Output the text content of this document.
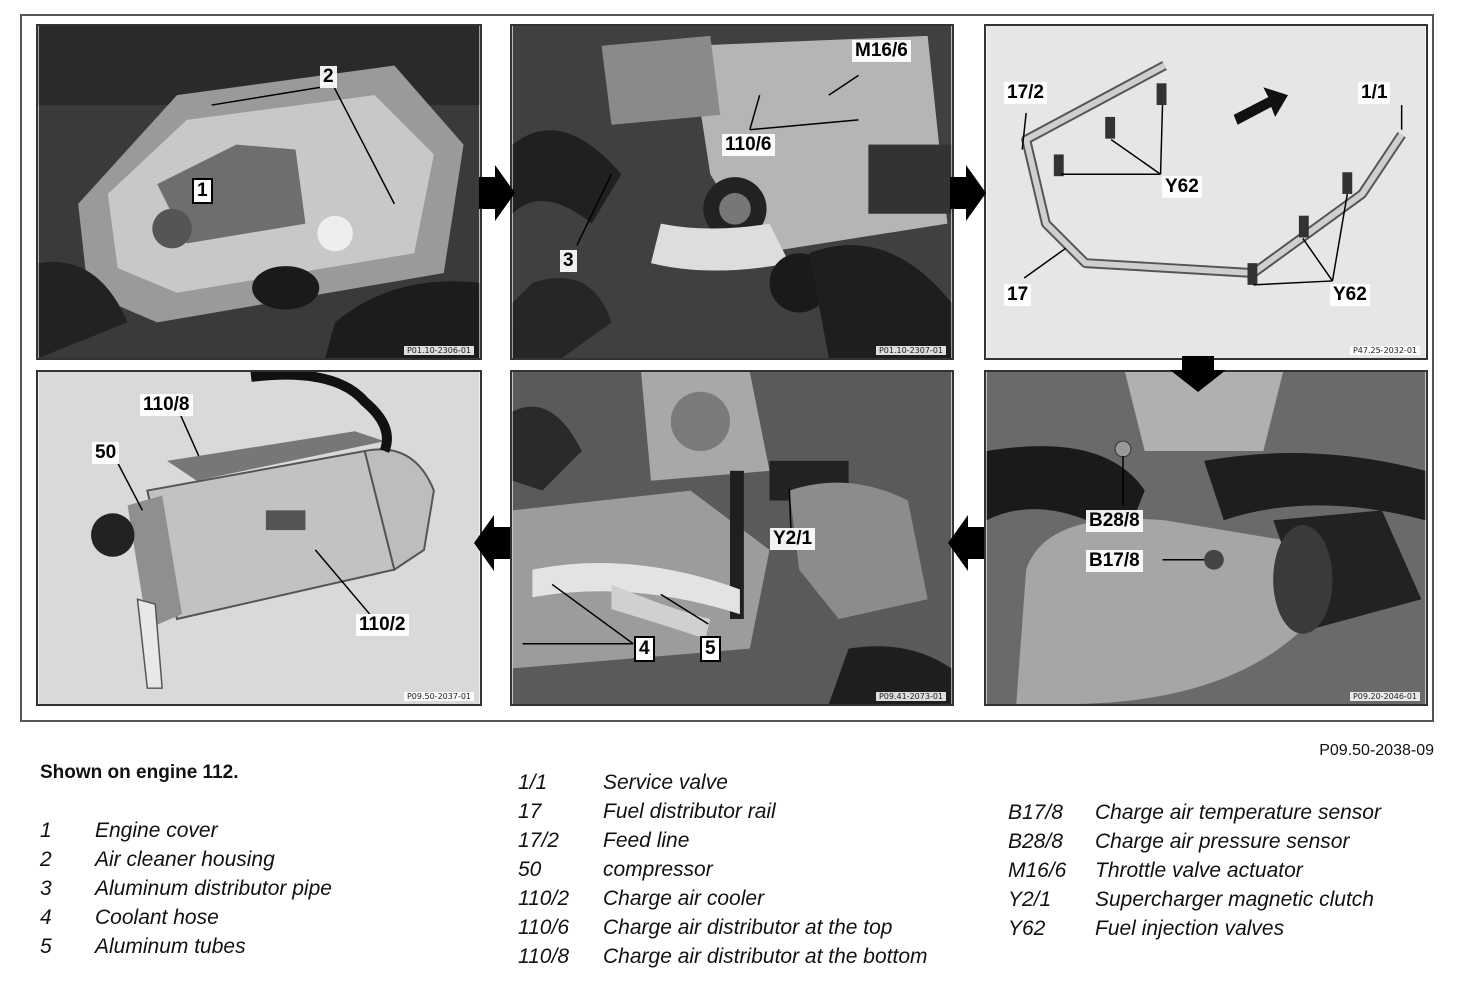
2
1
P01.10-2306-01
M16/6
110/6
3
P01.10-2307-01
17/2	1/1
Y62
17	Y62
P47.25-2032-01
110/8
50
110/2
P09.50-2037-01
Y2/1
4	5
P09.41-2073-01
B28/8
B17/8
P09.20-2046-01
P09.50-2038-09
Shown on engine 112.
1	Engine cover
2	Air cleaner housing
3	Aluminum distributor pipe
4	Coolant hose
5	Aluminum tubes
1/1	Service valve
17	Fuel distributor rail
17/2	Feed line
50	compressor
110/2	Charge air cooler
110/6	Charge air distributor at the top
110/8	Charge air distributor at the bottom
B17/8	Charge air temperature sensor
B28/8	Charge air pressure sensor
M16/6	Throttle valve actuator
Y2/1	Supercharger magnetic clutch
Y62	Fuel injection valves
